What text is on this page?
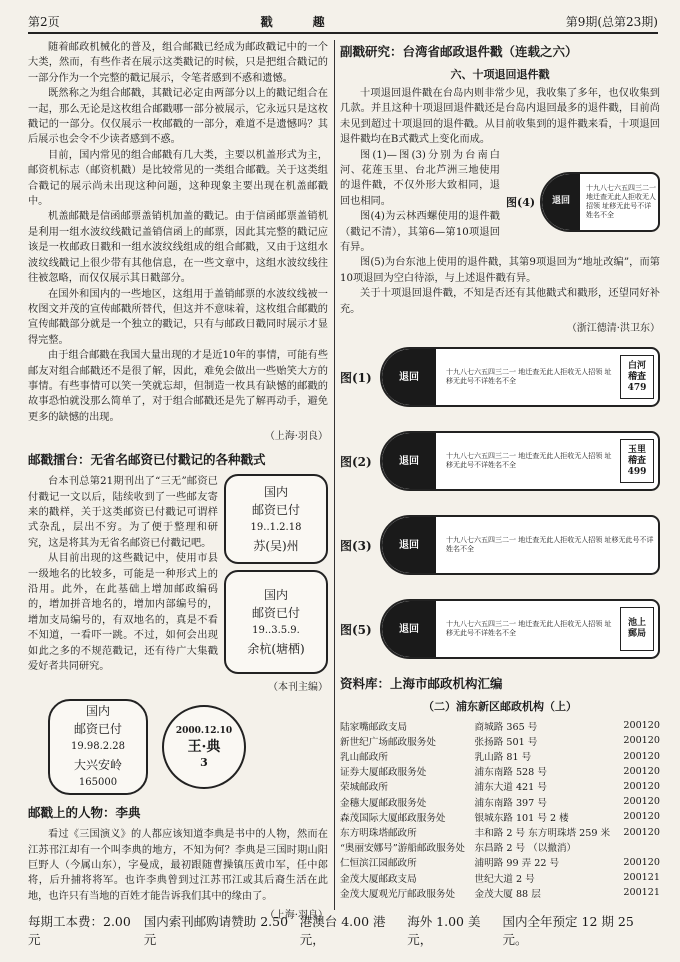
第2页	戳趣	第9期(总第23期)

随着邮政机械化的普及，组合邮戳已经成为邮政戳记中的一个大类，然而，有些作者在展示这类戳记的时候，只是把组合戳记的一部分作为一个完整的戳记展示，令笔者感到不惑和遗憾。

既然称之为组合邮戳，其戳记必定由两部分以上的戳记组合在一起，那么无论是这枚组合邮戳哪一部分被展示，它永远只是这枚戳记的一部分。仅仅展示一枚邮戳的一部分，难道不是遗憾吗？其后展示也会令不少读者感到不惑。

目前，国内常见的组合邮戳有几大类，主要以机盖形式为主，邮资机标志（邮资机戳）是比较常见的一类组合邮戳。关于这类组合戳记的展示尚未出现这种问题，这种现象主要出现在机盖邮戳中。

机盖邮戳是信函邮票盖销机加盖的戳记。由于信函邮票盖销机是利用一组水波纹线戳记盖销信函上的邮票，因此其完整的戳记应该是一枚邮政日戳和一组水波纹线组成的组合邮戳，又由于这组水波纹线戳记上很少带有其他信息，在一些文章中，这组水波纹线往往被忽略，而仅仅展示其日戳部分。

在国外和国内的一些地区，这组用于盖销邮票的水波纹线被一枚图文并茂的宣传邮戳所替代，但这并不意味着，这枚组合邮戳的宣传邮戳部分就是一个独立的戳记，只有与邮政日戳同时展示才显得完整。

由于组合邮戳在我国大量出现的才是近10年的事情，可能有些邮友对组合邮戳还不是很了解，因此，难免会做出一些贻笑大方的事情。有些事情可以笑一笑就忘却，但制造一枚具有缺憾的邮戳的故事恐怕就没那么简单了，对于组合邮戳还是先了解再动手，避免更多的缺憾的出现。

（上海·羽良）
邮戳擂台：无省名邮资已付戳记的各种戳式
国内
邮资已付
19..1.2.18
苏(吴)州
国内
邮资已付
19..3.5.9.
余杭(塘栖)

台本刊总第21期刊出了“三无”邮资已付戳记一文以后，陆续收到了一些邮友寄来的戳样，关于这类邮资已付戳记可谓样式杂乱，层出不穷。为了便于整理和研究，这是将其为无省名邮资已付戳记吧。

从目前出现的这些戳记中，使用市县一级地名的比较多，可能是一种形式上的沿用。此外，在此基础上增加邮政编码的，增加拼音地名的，增加内部编号的，增加支局编号的，有双地名的，真是不看不知道，一看吓一跳。不过，如何会出现如此之多的不规范戳记，还有待广大集戳爱好者共同研究。

（本刊主编）
国内
邮资已付
19.98.2.28
大兴安岭
165000
2000.12.10
王·典
3
邮戳上的人物：李典

看过《三国演义》的人都应该知道李典是书中的人物，然而在江苏邗江却有一个叫李典的地方，不知为何？李典是三国时期山阳巨野人（今属山东），字曼成，最初跟随曹操镇压黄巾军，任中郎将，后升捕将将军。也许李典曾到过江苏邗江或其后裔生活在此地，也许只有当地的百姓才能告诉我们其中的缘由了。

（上海·羽良）
副戳研究：台湾省邮政退件戳（连载之六）
六、十项退回退件戳

十项退回退件戳在台岛内则非常少见，我收集了多年，也仅收集到几款。并且这种十项退回退件戳还是台岛内退回最多的退件戳，目前尚未见到超过十项退回的退件戳。从目前收集到的退件戳来看，十项退回退件戳均在B式戳式上变化而成。

图(1)—图(3)分别为台南白河、花莲玉里、台北芦洲三地使用的退件戳，不仅外形大致相同，退回也相同。

图(4)为云林西螺使用的退件戳（戳记不清），其第6—第10项退回有异。

图(4)	退回
十九八七六五四三二一 地迁查无此人拒收无人招领 址移无此号不详姓名不全

图(5)为台东池上使用的退件戳，其第9项退回为“地址改编”，而第10项退回为空白待添，与上述退件戳有异。

关于十项退回退件戳，不知是否还有其他戳式和戳形，还望同好补充。

（浙江德清·洪卫东）
图(1)	退回	十九八七六五四三二一 地迁查无此人拒收无人招领 址移无此号不详姓名不全
白河
稽查
479
图(2)	退回	十九八七六五四三二一 地迁查无此人拒收无人招领 址移无此号不详姓名不全
玉里
稽查
499
图(3)	退回	十九八七六五四三二一 地迁查无此人拒收无人招领 址移无此号不详姓名不全
图(5)	退回	十九八七六五四三二一 地迁查无此人拒收无人招领 址移无此号不详姓名不全
池上
郵局
资料库：上海市邮政机构汇编
（二）浦东新区邮政机构（上）
陆家嘴邮政支局	商城路 365 号	200120
新世纪广场邮政服务处	张扬路 501 号	200120
乳山邮政所	乳山路 81 号	200120
证券大厦邮政服务处	浦东南路 528 号	200120
荣城邮政所	浦东大道 421 号	200120
金穗大厦邮政服务处	浦东南路 397 号	200120
森茂国际大厦邮政服务处	银城东路 101 号 2 楼	200120
东方明珠塔邮政所	丰和路 2 号 东方明珠塔 259 米	200120
“奥丽安娜号”游船邮政服务处	东昌路 2 号 （以撤消）	
仁恒滨江园邮政所	浦明路 99 弄 22 号	200120
金茂大厦邮政支局	世纪大道 2 号	200121
金茂大厦观光厅邮政服务处	金茂大厦 88 层	200121
每期工本费：2.00 元
国内索刊邮购请赞助 2.50 元
港澳台 4.00 港元，
海外 1.00 美元，
国内全年预定 12 期 25 元。
